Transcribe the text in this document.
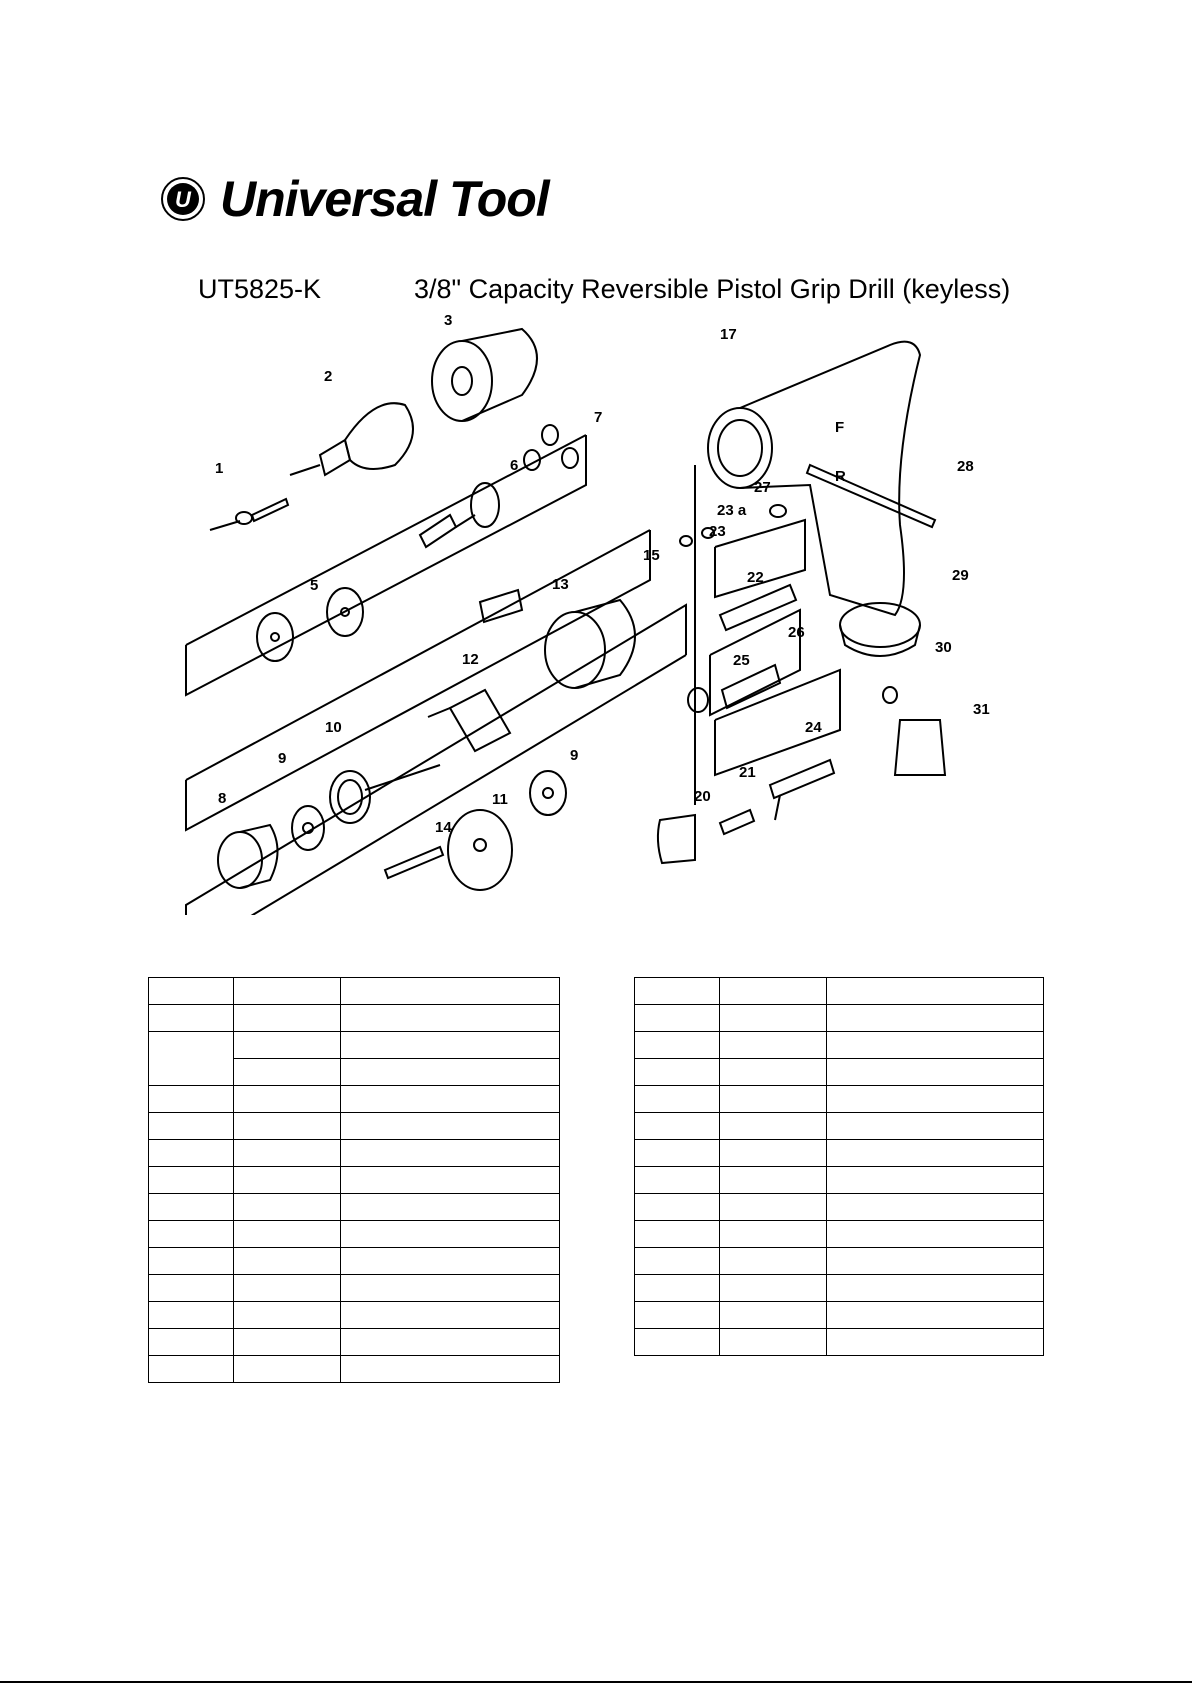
U Universal Tool
UT5825-K	3/8" Capacity Reversible Pistol Grip Drill (keyless)
1
2
3
5
6
7
8
9	9
10
11
12
13
14
15
17
20
21
22
23
23 a
24
25
26
27
28
29
30
31
F
R
